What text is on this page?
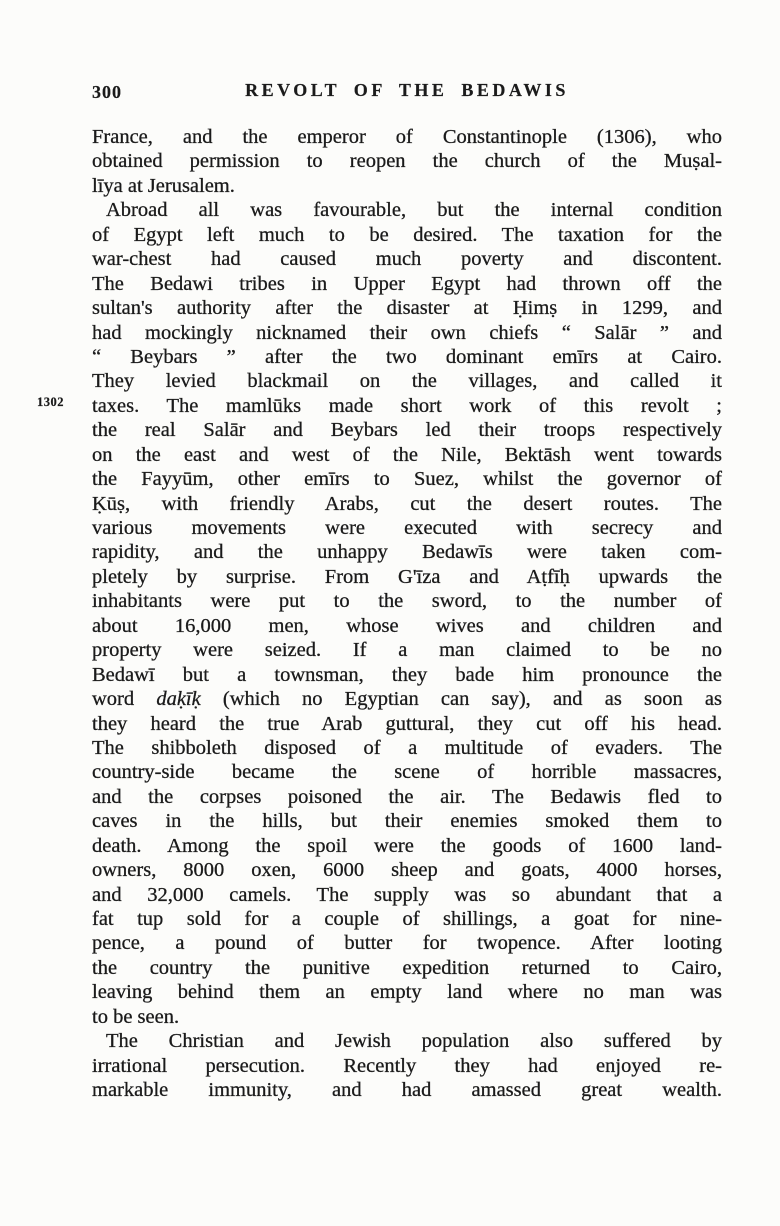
300	REVOLT OF THE BEDAWIS
France, and the emperor of Constantinople (1306), who
obtained permission to reopen the church of the Muṣal-
līya at Jerusalem.
Abroad all was favourable, but the internal condition
of Egypt left much to be desired. The taxation for the
war-chest had caused much poverty and discontent.
The Bedawi tribes in Upper Egypt had thrown off the
sultan's authority after the disaster at Ḥimṣ in 1299, and
had mockingly nicknamed their own chiefs “ Salār ” and
“ Beybars ” after the two dominant emīrs at Cairo.
They levied blackmail on the villages, and called it
taxes. The mamlūks made short work of this revolt ;
1302
the real Salār and Beybars led their troops respectively
on the east and west of the Nile, Bektāsh went towards
the Fayyūm, other emīrs to Suez, whilst the governor of
Ḳūṣ, with friendly Arabs, cut the desert routes. The
various movements were executed with secrecy and
rapidity, and the unhappy Bedawīs were taken com-
pletely by surprise. From G'īza and Aṭfīḥ upwards the
inhabitants were put to the sword, to the number of
about 16,000 men, whose wives and children and
property were seized. If a man claimed to be no
Bedawī but a townsman, they bade him pronounce the
word daḳīḳ (which no Egyptian can say), and as soon as
they heard the true Arab guttural, they cut off his head.
The shibboleth disposed of a multitude of evaders. The
country-side became the scene of horrible massacres,
and the corpses poisoned the air. The Bedawis fled to
caves in the hills, but their enemies smoked them to
death. Among the spoil were the goods of 1600 land-
owners, 8000 oxen, 6000 sheep and goats, 4000 horses,
and 32,000 camels. The supply was so abundant that a
fat tup sold for a couple of shillings, a goat for nine-
pence, a pound of butter for twopence. After looting
the country the punitive expedition returned to Cairo,
leaving behind them an empty land where no man was
to be seen.
The Christian and Jewish population also suffered by
irrational persecution. Recently they had enjoyed re-
markable immunity, and had amassed great wealth.
